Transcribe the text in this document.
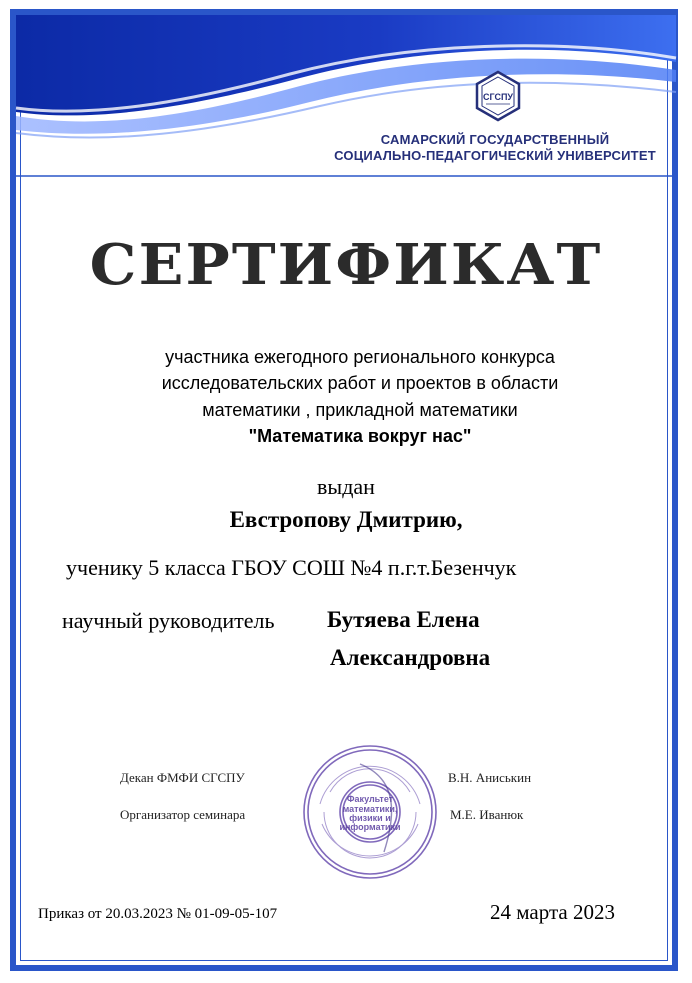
СГСПУ
САМАРСКИЙ ГОСУДАРСТВЕННЫЙ
СОЦИАЛЬНО-ПЕДАГОГИЧЕСКИЙ УНИВЕРСИТЕТ
СЕРТИФИКАТ
участника ежегодного регионального конкурса
исследовательских работ и проектов в области
математики , прикладной математики
"Математика вокруг нас"
выдан
Евстропову Дмитрию,
ученику 5 класса ГБОУ СОШ №4 п.г.т.Безенчук
научный руководитель Бутяева Елена
Александровна
Декан ФМФИ СГСПУ	В.Н. Аниськин
Организатор семинара	М.Е. Иванюк
Факультет
математики,
физики и
информатики
Приказ от 20.03.2023 № 01-09-05-107	24 марта 2023
